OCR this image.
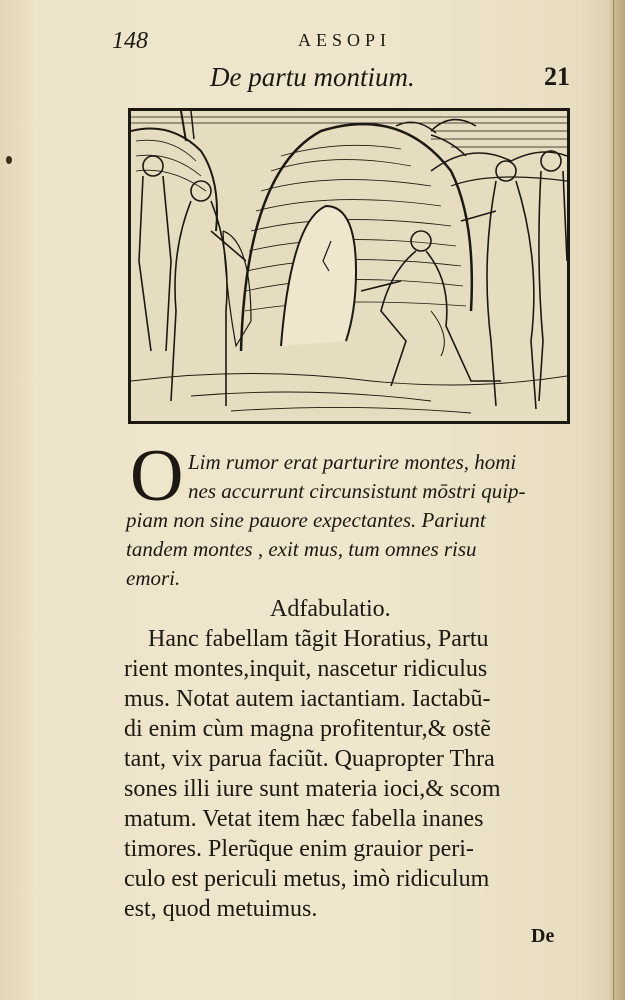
148	AESOPI
De partu montium.	21
O Lim rumor erat parturire montes, homi
nes accurrunt circunsistunt mōstri quip-
piam non sine pauore expectantes. Pariunt
tandem montes , exit mus, tum omnes risu
emori.
Adfabulatio.
Hanc fabellam tãgit Horatius, Partu
rient montes,inquit, nascetur ridiculus
mus. Notat autem iactantiam. Iactabũ-
di enim cùm magna profitentur,& ostẽ
tant, vix parua faciũt. Quapropter Thra
sones illi iure sunt materia ioci,& scom
matum. Vetat item hæc fabella inanes
timores. Plerũque enim grauior peri-
culo est periculi metus, imò ridiculum
est, quod metuimus.
De
